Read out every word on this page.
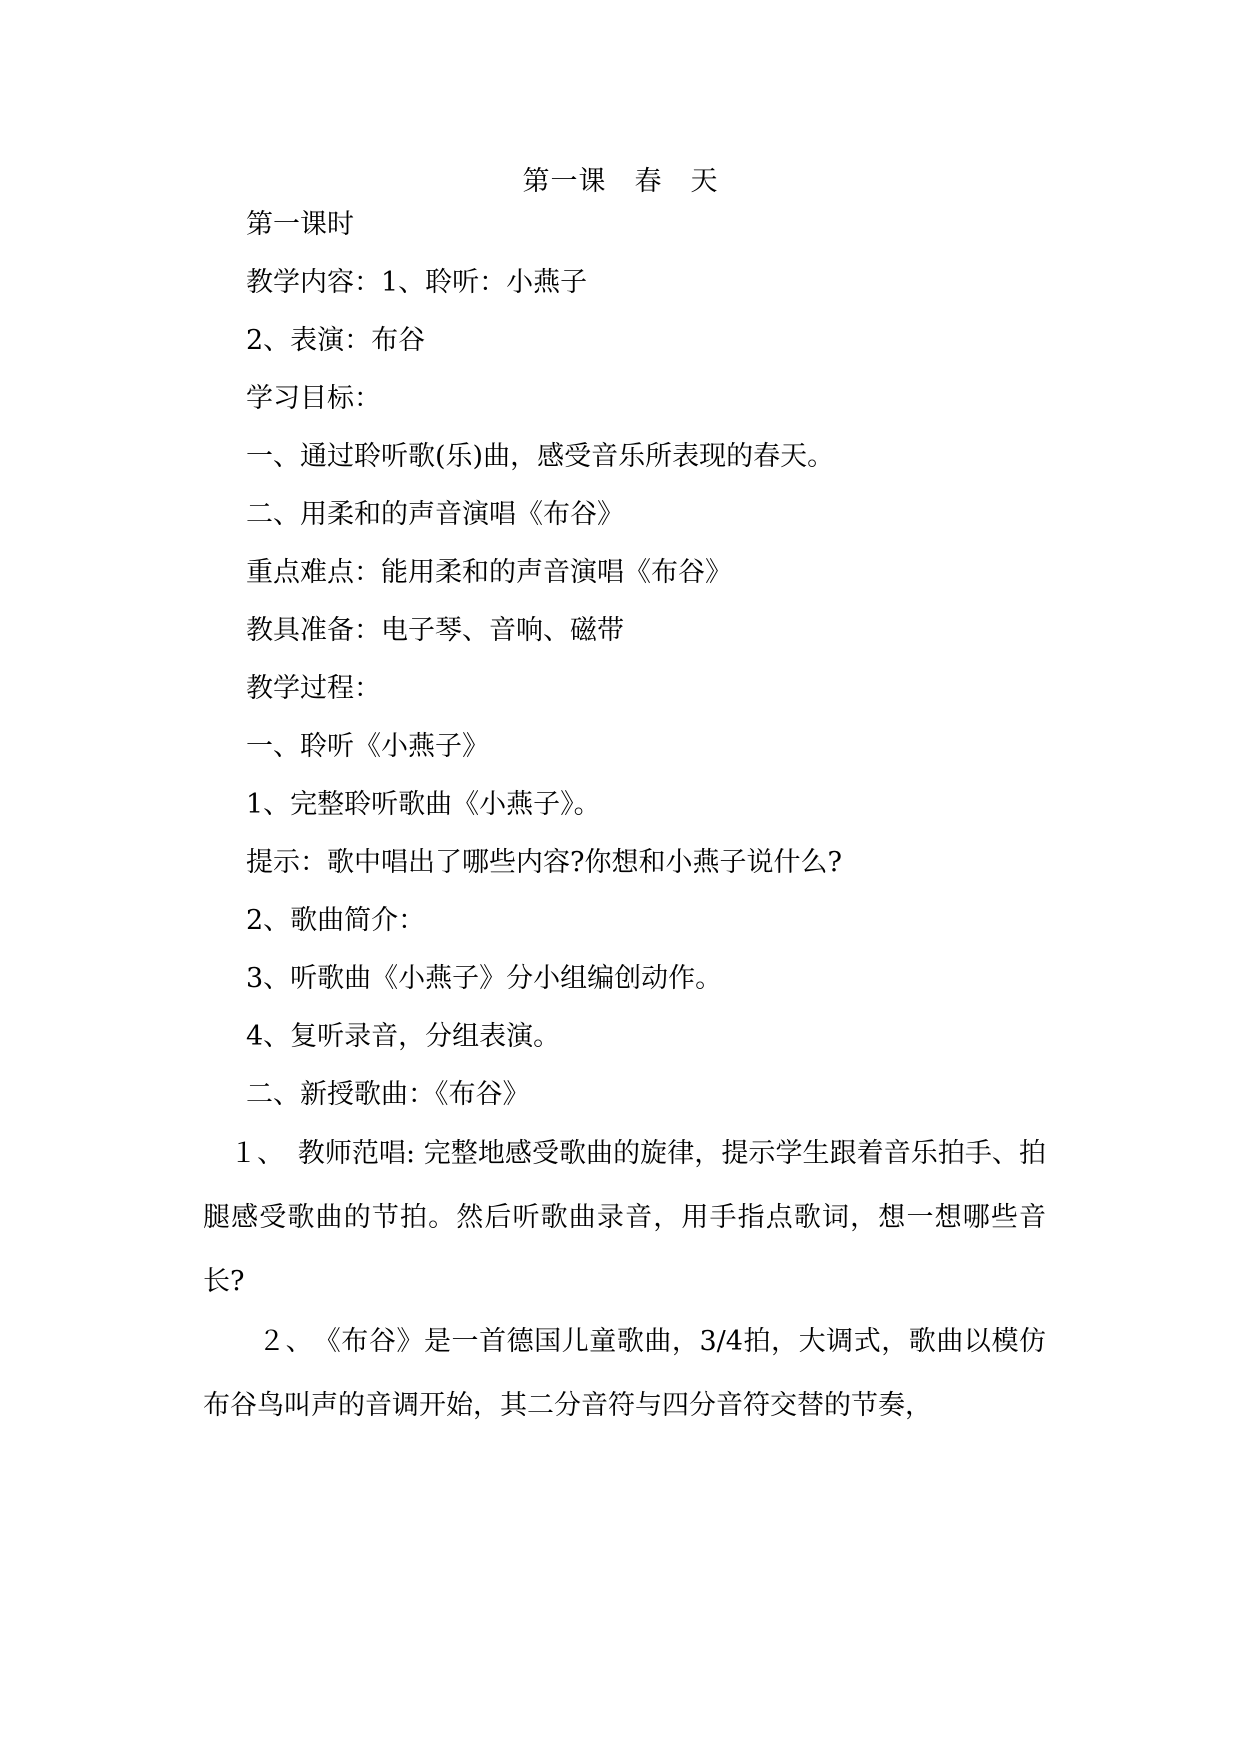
第一课　春　天
第一课时
教学内容：1、聆听：小燕子
2、表演：布谷
学习目标：
一、通过聆听歌(乐)曲，感受音乐所表现的春天。
二、用柔和的声音演唱《布谷》
重点难点：能用柔和的声音演唱《布谷》
教具准备：电子琴、音响、磁带
教学过程：
一、聆听《小燕子》
1、完整聆听歌曲《小燕子》。
提示：歌中唱出了哪些内容?你想和小燕子说什么?
2、歌曲简介：
3、听歌曲《小燕子》分小组编创动作。
4、复听录音，分组表演。
二、新授歌曲：《布谷》
　１、　教师范唱: 完整地感受歌曲的旋律，提示学生跟着音乐拍手、拍腿感受歌曲的节拍。然后听歌曲录音，用手指点歌词，想一想哪些音长?
　　２、　《布谷》是一首德国儿童歌曲，3/4拍，大调式，歌曲以模仿布谷鸟叫声的音调开始，其二分音符与四分音符交替的节奏，
